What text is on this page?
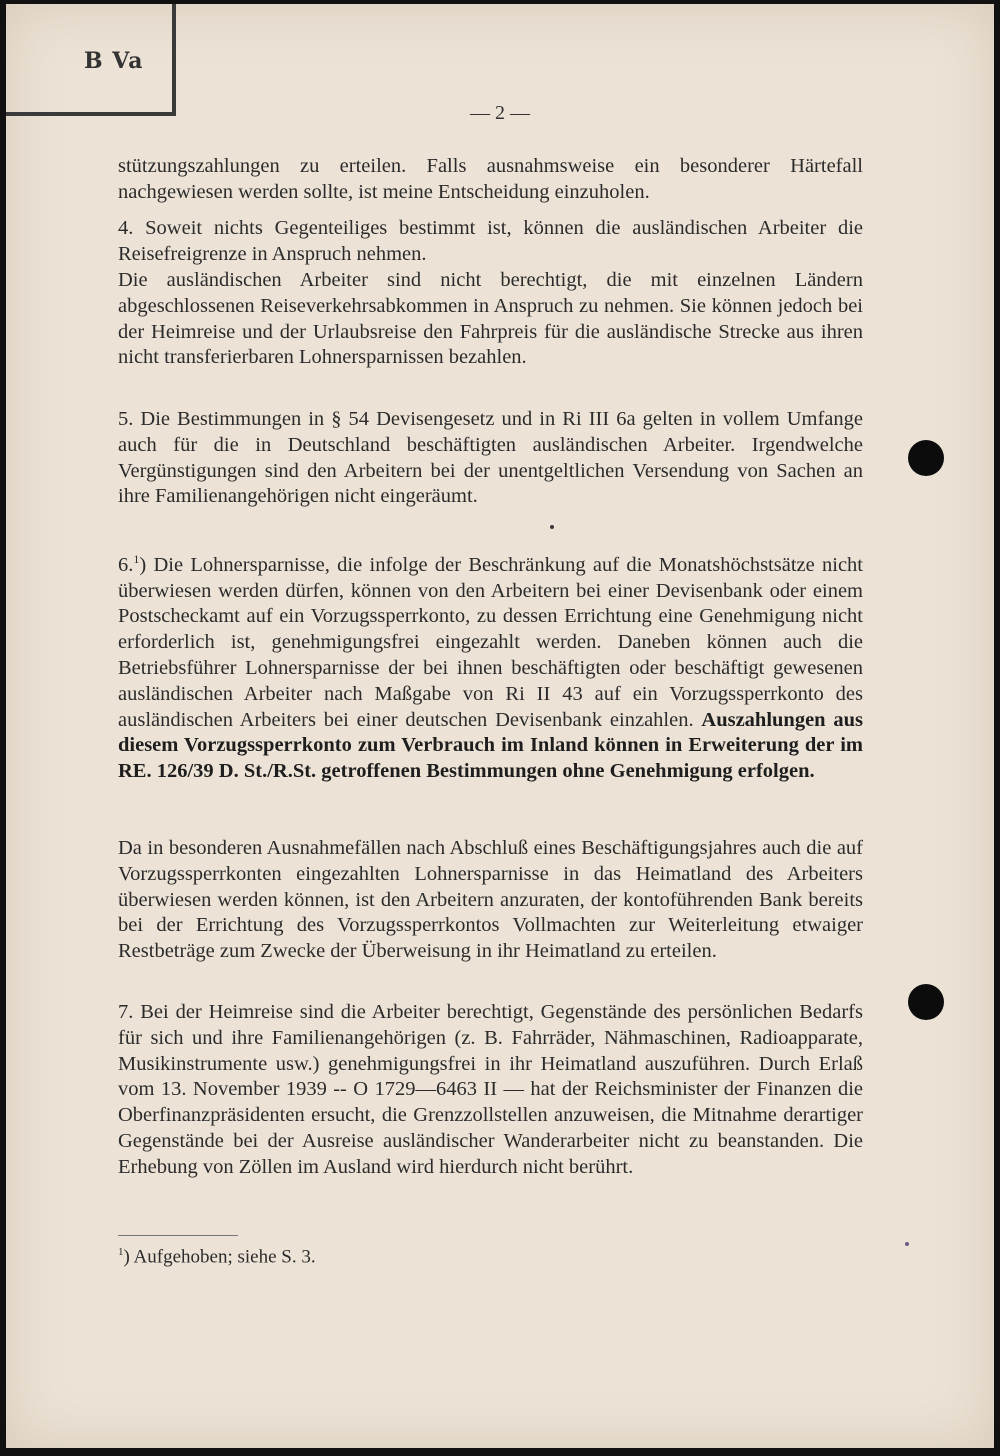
B Va
— 2 —

stützungszahlungen zu erteilen. Falls ausnahmsweise ein besonderer Härtefall nachgewiesen werden sollte, ist meine Entscheidung einzuholen.

4. Soweit nichts Gegenteiliges bestimmt ist, können die ausländischen Arbeiter die Reisefreigrenze in Anspruch nehmen.

Die ausländischen Arbeiter sind nicht berechtigt, die mit einzelnen Ländern abgeschlossenen Reiseverkehrsabkommen in Anspruch zu nehmen. Sie können jedoch bei der Heimreise und der Urlaubsreise den Fahrpreis für die ausländische Strecke aus ihren nicht transferierbaren Lohnersparnissen bezahlen.

5. Die Bestimmungen in § 54 Devisengesetz und in Ri III 6a gelten in vollem Umfange auch für die in Deutschland beschäftigten ausländischen Arbeiter. Irgendwelche Vergünstigungen sind den Arbeitern bei der unentgeltlichen Versendung von Sachen an ihre Familienangehörigen nicht eingeräumt.

6.$^1$) Die Lohnersparnisse, die infolge der Beschränkung auf die Monatshöchstsätze nicht überwiesen werden dürfen, können von den Arbeitern bei einer Devisenbank oder einem Postscheckamt auf ein Vorzugssperrkonto, zu dessen Errichtung eine Genehmigung nicht erforderlich ist, genehmigungsfrei eingezahlt werden. Daneben können auch die Betriebsführer Lohnersparnisse der bei ihnen beschäftigten oder beschäftigt gewesenen ausländischen Arbeiter nach Maßgabe von Ri II 43 auf ein Vorzugssperrkonto des ausländischen Arbeiters bei einer deutschen Devisenbank einzahlen. Auszahlungen aus diesem Vorzugssperrkonto zum Verbrauch im Inland können in Erweiterung der im RE. 126/39 D. St./R.St. getroffenen Bestimmungen ohne Genehmigung erfolgen.

Da in besonderen Ausnahmefällen nach Abschluß eines Beschäftigungsjahres auch die auf Vorzugssperrkonten eingezahlten Lohnersparnisse in das Heimatland des Arbeiters überwiesen werden können, ist den Arbeitern anzuraten, der kontoführenden Bank bereits bei der Errichtung des Vorzugssperrkontos Vollmachten zur Weiterleitung etwaiger Restbeträge zum Zwecke der Überweisung in ihr Heimatland zu erteilen.

7. Bei der Heimreise sind die Arbeiter berechtigt, Gegenstände des persönlichen Bedarfs für sich und ihre Familienangehörigen (z. B. Fahrräder, Nähmaschinen, Radioapparate, Musikinstrumente usw.) genehmigungsfrei in ihr Heimatland auszuführen. Durch Erlaß vom 13. November 1939 -- O 1729—6463 II — hat der Reichsminister der Finanzen die Oberfinanzpräsidenten ersucht, die Grenzzollstellen anzuweisen, die Mitnahme derartiger Gegenstände bei der Ausreise ausländischer Wanderarbeiter nicht zu beanstanden. Die Erhebung von Zöllen im Ausland wird hierdurch nicht berührt.

$^1$) Aufgehoben; siehe S. 3.
